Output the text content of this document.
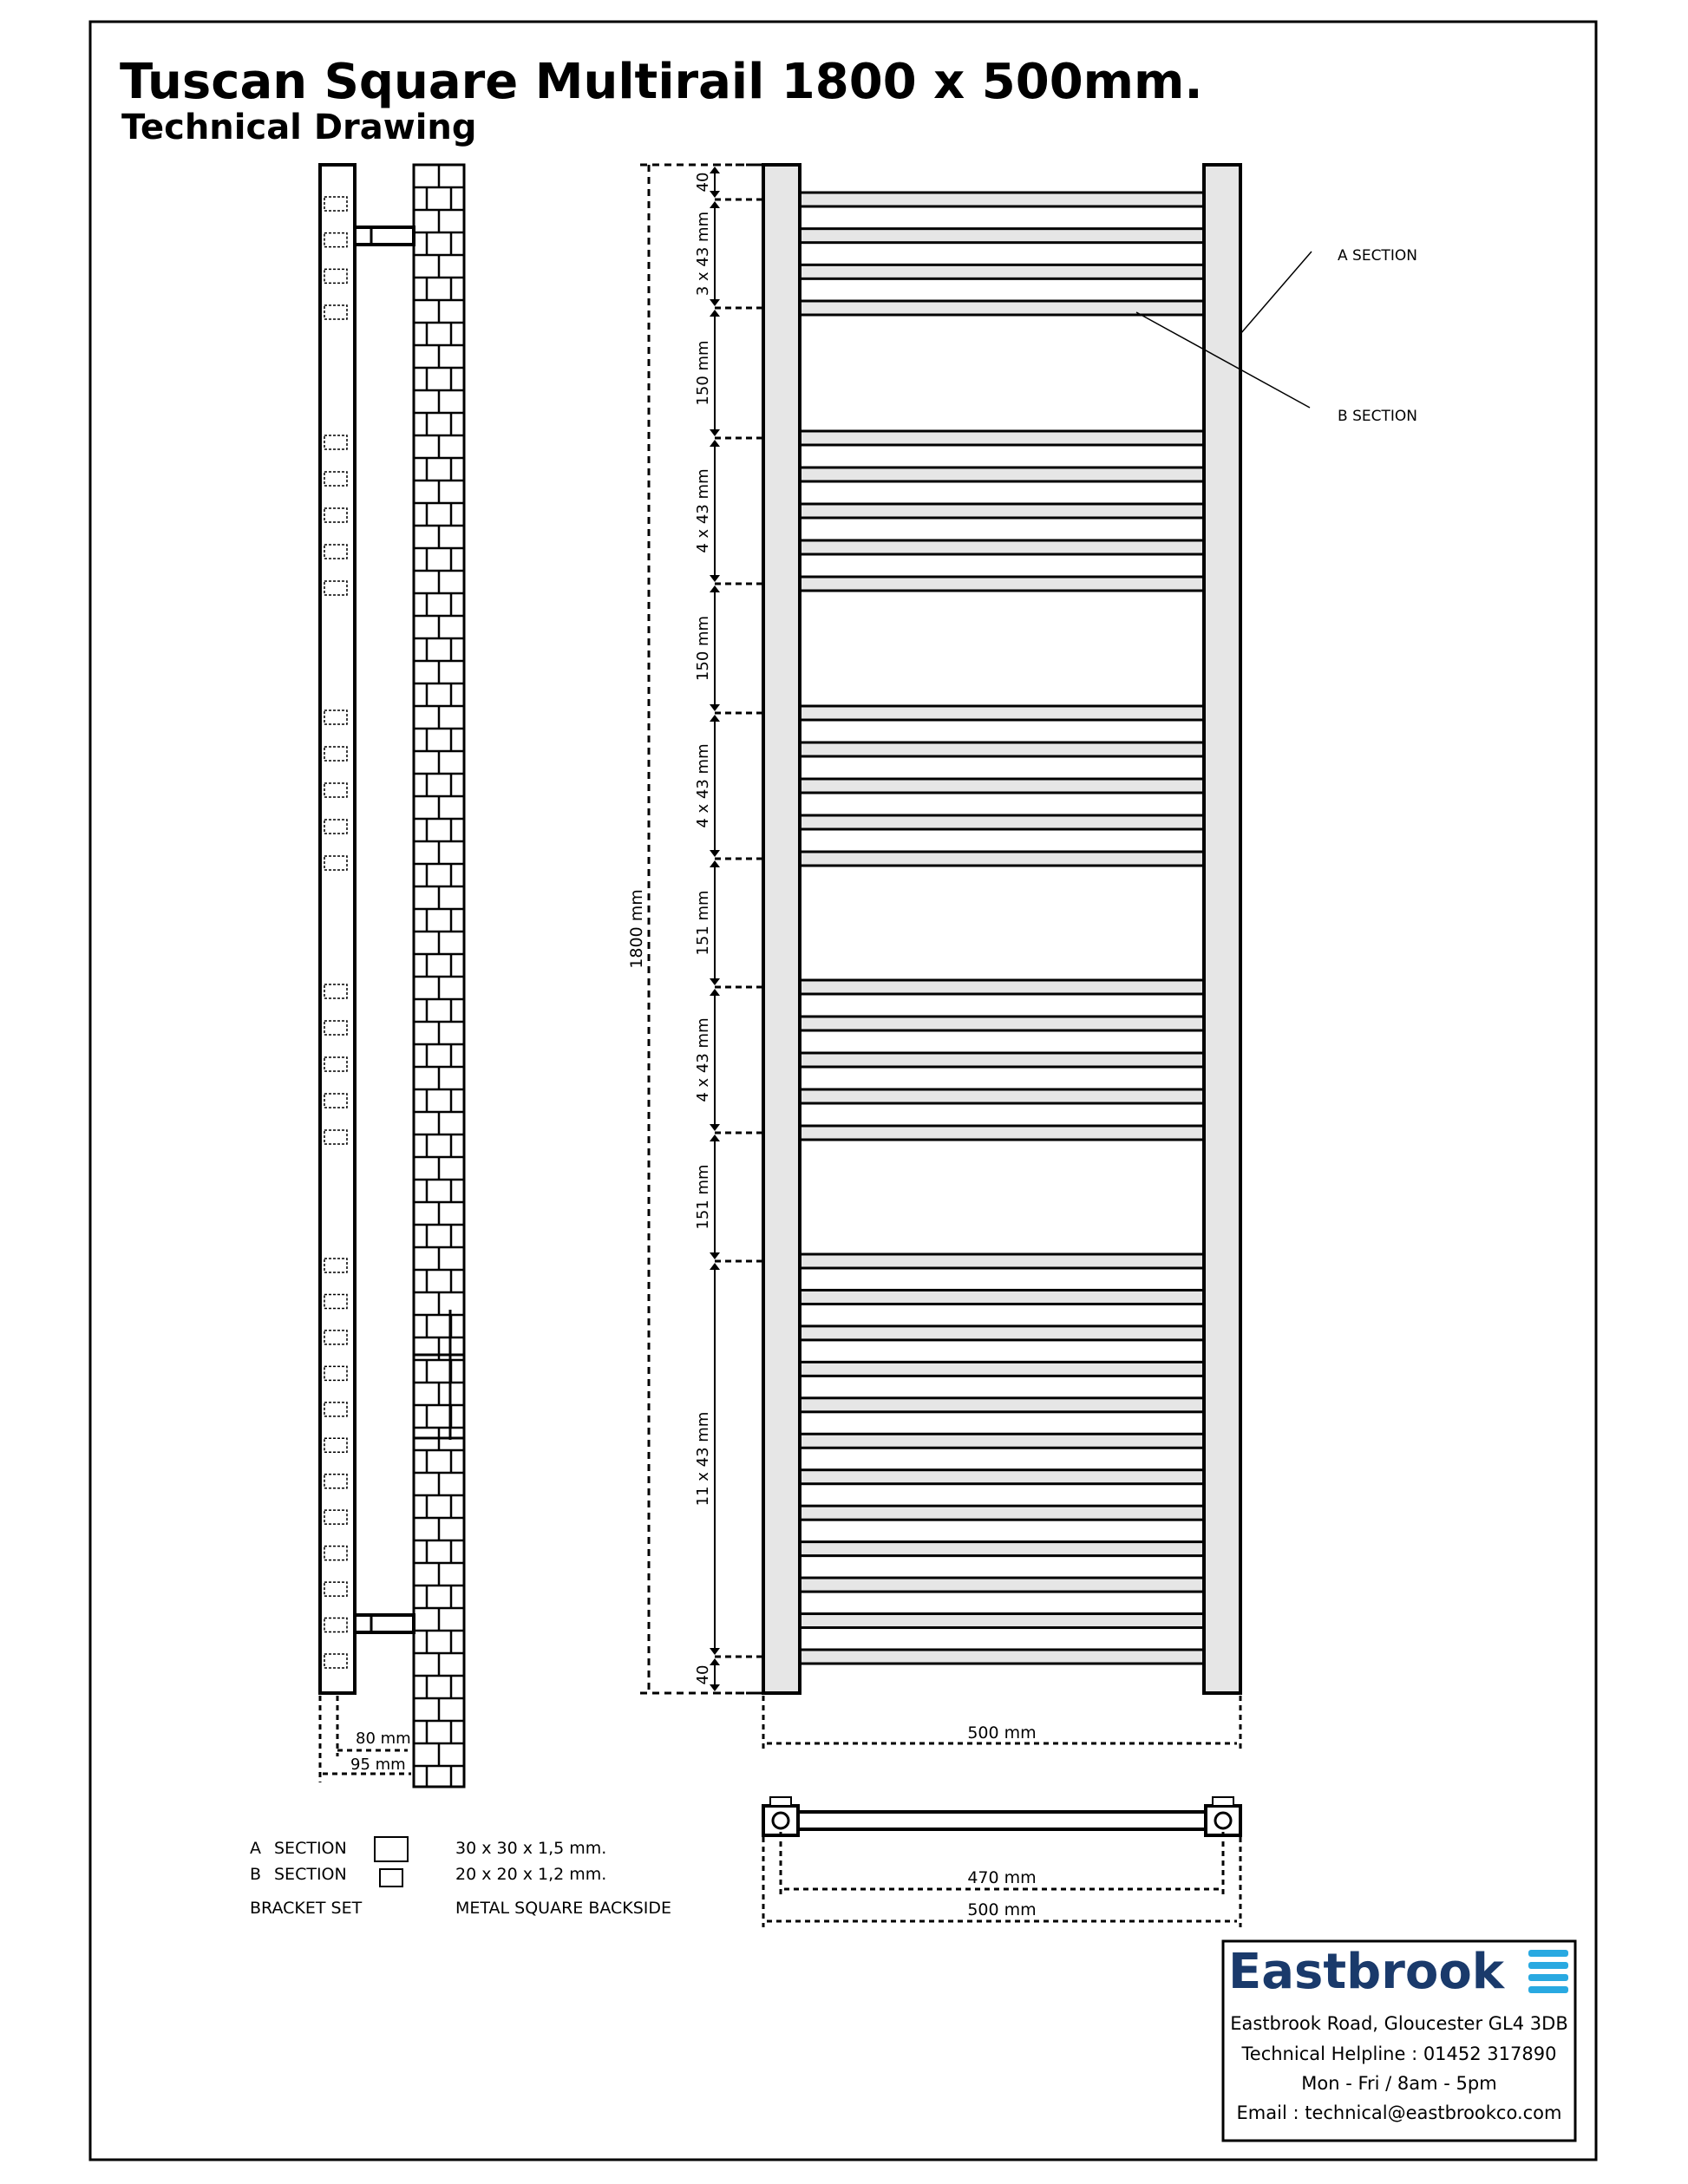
Tuscan Square Multirail 1800 x 500mm.
Technical Drawing
80 mm
95 mm
1800 mm
40
3 x 43 mm
150 mm
4 x 43 mm
150 mm
4 x 43 mm
151 mm
4 x 43 mm
151 mm
11 x 43 mm
40
500 mm
A SECTION
B SECTION
470 mm
500 mm
A SECTION	30 x 30 x 1,5 mm.
B SECTION	20 x 20 x 1,2 mm.
BRACKET SET	METAL SQUARE BACKSIDE
Eastbrook
Eastbrook Road, Gloucester GL4 3DB
Technical Helpline : 01452 317890
Mon - Fri / 8am - 5pm
Email : technical@eastbrookco.com
